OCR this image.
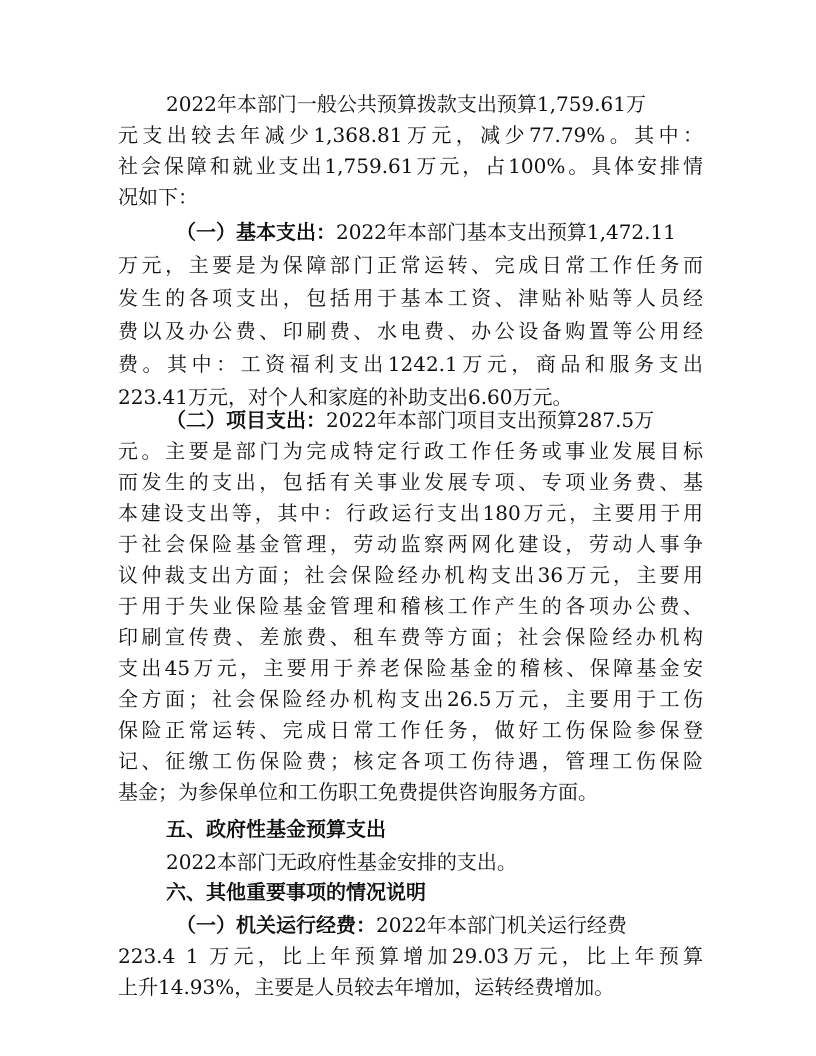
2022年本部门一般公共预算拨款支出预算1,759.61万
元支出较去年减少1,368.81万元，减少77.79%。其中：
社会保障和就业支出1,759.61万元，占100%。具体安排情
况如下：
（一）基本支出：2022年本部门基本支出预算1,472.11
万元，主要是为保障部门正常运转、完成日常工作任务而
发生的各项支出，包括用于基本工资、津贴补贴等人员经
费以及办公费、印刷费、水电费、办公设备购置等公用经
费。其中：工资福利支出1242.1万元，商品和服务支出
223.41万元，对个人和家庭的补助支出6.60万元。
（二）项目支出：2022年本部门项目支出预算287.5万
元。主要是部门为完成特定行政工作任务或事业发展目标
而发生的支出，包括有关事业发展专项、专项业务费、基
本建设支出等，其中：行政运行支出180万元，主要用于用
于社会保险基金管理，劳动监察两网化建设，劳动人事争
议仲裁支出方面；社会保险经办机构支出36万元，主要用
于用于失业保险基金管理和稽核工作产生的各项办公费、
印刷宣传费、差旅费、租车费等方面；社会保险经办机构
支出45万元，主要用于养老保险基金的稽核、保障基金安
全方面；社会保险经办机构支出26.5万元，主要用于工伤
保险正常运转、完成日常工作任务，做好工伤保险参保登
记、征缴工伤保险费；核定各项工伤待遇，管理工伤保险
基金；为参保单位和工伤职工免费提供咨询服务方面。
五、政府性基金预算支出
2022本部门无政府性基金安排的支出。
六、其他重要事项的情况说明
（一）机关运行经费：2022年本部门机关运行经费
223.4 1 万元，比上年预算增加29.03万元，比上年预算
上升14.93%，主要是人员较去年增加，运转经费增加。
